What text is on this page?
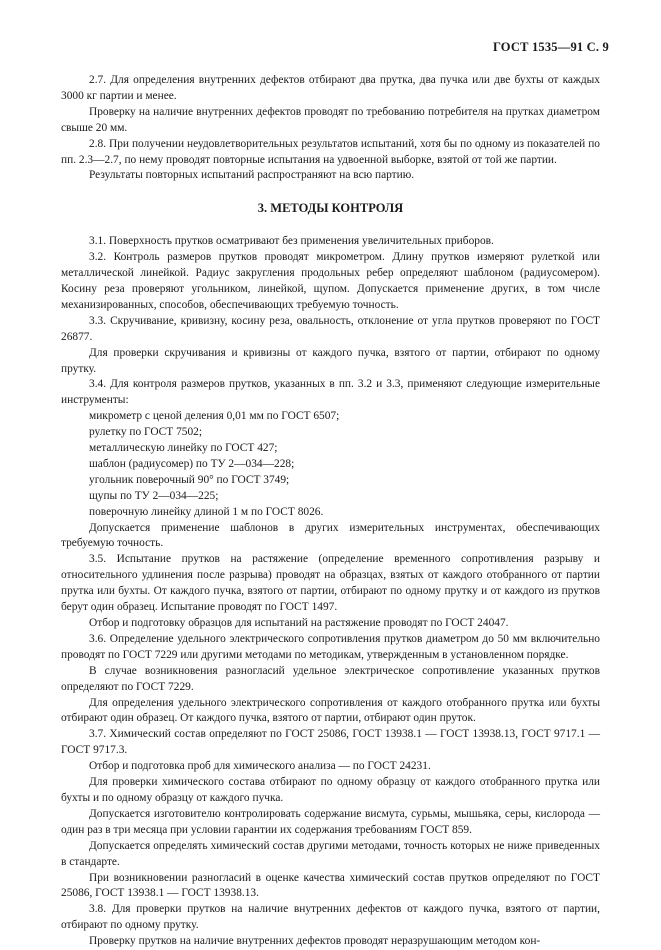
ГОСТ 1535—91 С. 9

2.7. Для определения внутренних дефектов отбирают два прутка, два пучка или две бухты от каждых 3000 кг партии и менее.

Проверку на наличие внутренних дефектов проводят по требованию потребителя на прутках диаметром свыше 20 мм.

2.8. При получении неудовлетворительных результатов испытаний, хотя бы по одному из показателей по пп. 2.3—2.7, по нему проводят повторные испытания на удвоенной выборке, взятой от той же партии.

Результаты повторных испытаний распространяют на всю партию.

3. МЕТОДЫ КОНТРОЛЯ

3.1. Поверхность прутков осматривают без применения увеличительных приборов.

3.2. Контроль размеров прутков проводят микрометром. Длину прутков измеряют рулеткой или металлической линейкой. Радиус закругления продольных ребер определяют шаблоном (радиусомером). Косину реза проверяют угольником, линейкой, щупом. Допускается применение других, в том числе механизированных, способов, обеспечивающих требуемую точность.

3.3. Скручивание, кривизну, косину реза, овальность, отклонение от угла прутков проверяют по ГОСТ 26877.

Для проверки скручивания и кривизны от каждого пучка, взятого от партии, отбирают по одному прутку.

3.4. Для контроля размеров прутков, указанных в пп. 3.2 и 3.3, применяют следующие измерительные инструменты:

микрометр с ценой деления 0,01 мм по ГОСТ 6507;

рулетку по ГОСТ 7502;

металлическую линейку по ГОСТ 427;

шаблон (радиусомер) по ТУ 2—034—228;

угольник поверочный 90° по ГОСТ 3749;

щупы по ТУ 2—034—225;

поверочную линейку длиной 1 м по ГОСТ 8026.

Допускается применение шаблонов в других измерительных инструментах, обеспечивающих требуемую точность.

3.5. Испытание прутков на растяжение (определение временного сопротивления разрыву и относительного удлинения после разрыва) проводят на образцах, взятых от каждого отобранного от партии прутка или бухты. От каждого пучка, взятого от партии, отбирают по одному прутку и от каждого из прутков берут один образец. Испытание проводят по ГОСТ 1497.

Отбор и подготовку образцов для испытаний на растяжение проводят по ГОСТ 24047.

3.6. Определение удельного электрического сопротивления прутков диаметром до 50 мм включительно проводят по ГОСТ 7229 или другими методами по методикам, утвержденным в установленном порядке.

В случае возникновения разногласий удельное электрическое сопротивление указанных прутков определяют по ГОСТ 7229.

Для определения удельного электрического сопротивления от каждого отобранного прутка или бухты отбирают один образец. От каждого пучка, взятого от партии, отбирают один пруток.

3.7. Химический состав определяют по ГОСТ 25086, ГОСТ 13938.1 — ГОСТ 13938.13, ГОСТ 9717.1 — ГОСТ 9717.3.

Отбор и подготовка проб для химического анализа — по ГОСТ 24231.

Для проверки химического состава отбирают по одному образцу от каждого отобранного прутка или бухты и по одному образцу от каждого пучка.

Допускается изготовителю контролировать содержание висмута, сурьмы, мышьяка, серы, кислорода — один раз в три месяца при условии гарантии их содержания требованиям ГОСТ 859.

Допускается определять химический состав другими методами, точность которых не ниже приведенных в стандарте.

При возникновении разногласий в оценке качества химический состав прутков определяют по ГОСТ 25086, ГОСТ 13938.1 — ГОСТ 13938.13.

3.8. Для проверки прутков на наличие внутренних дефектов от каждого пучка, взятого от партии, отбирают по одному прутку.

Проверку прутков на наличие внутренних дефектов проводят неразрушающим методом кон-
